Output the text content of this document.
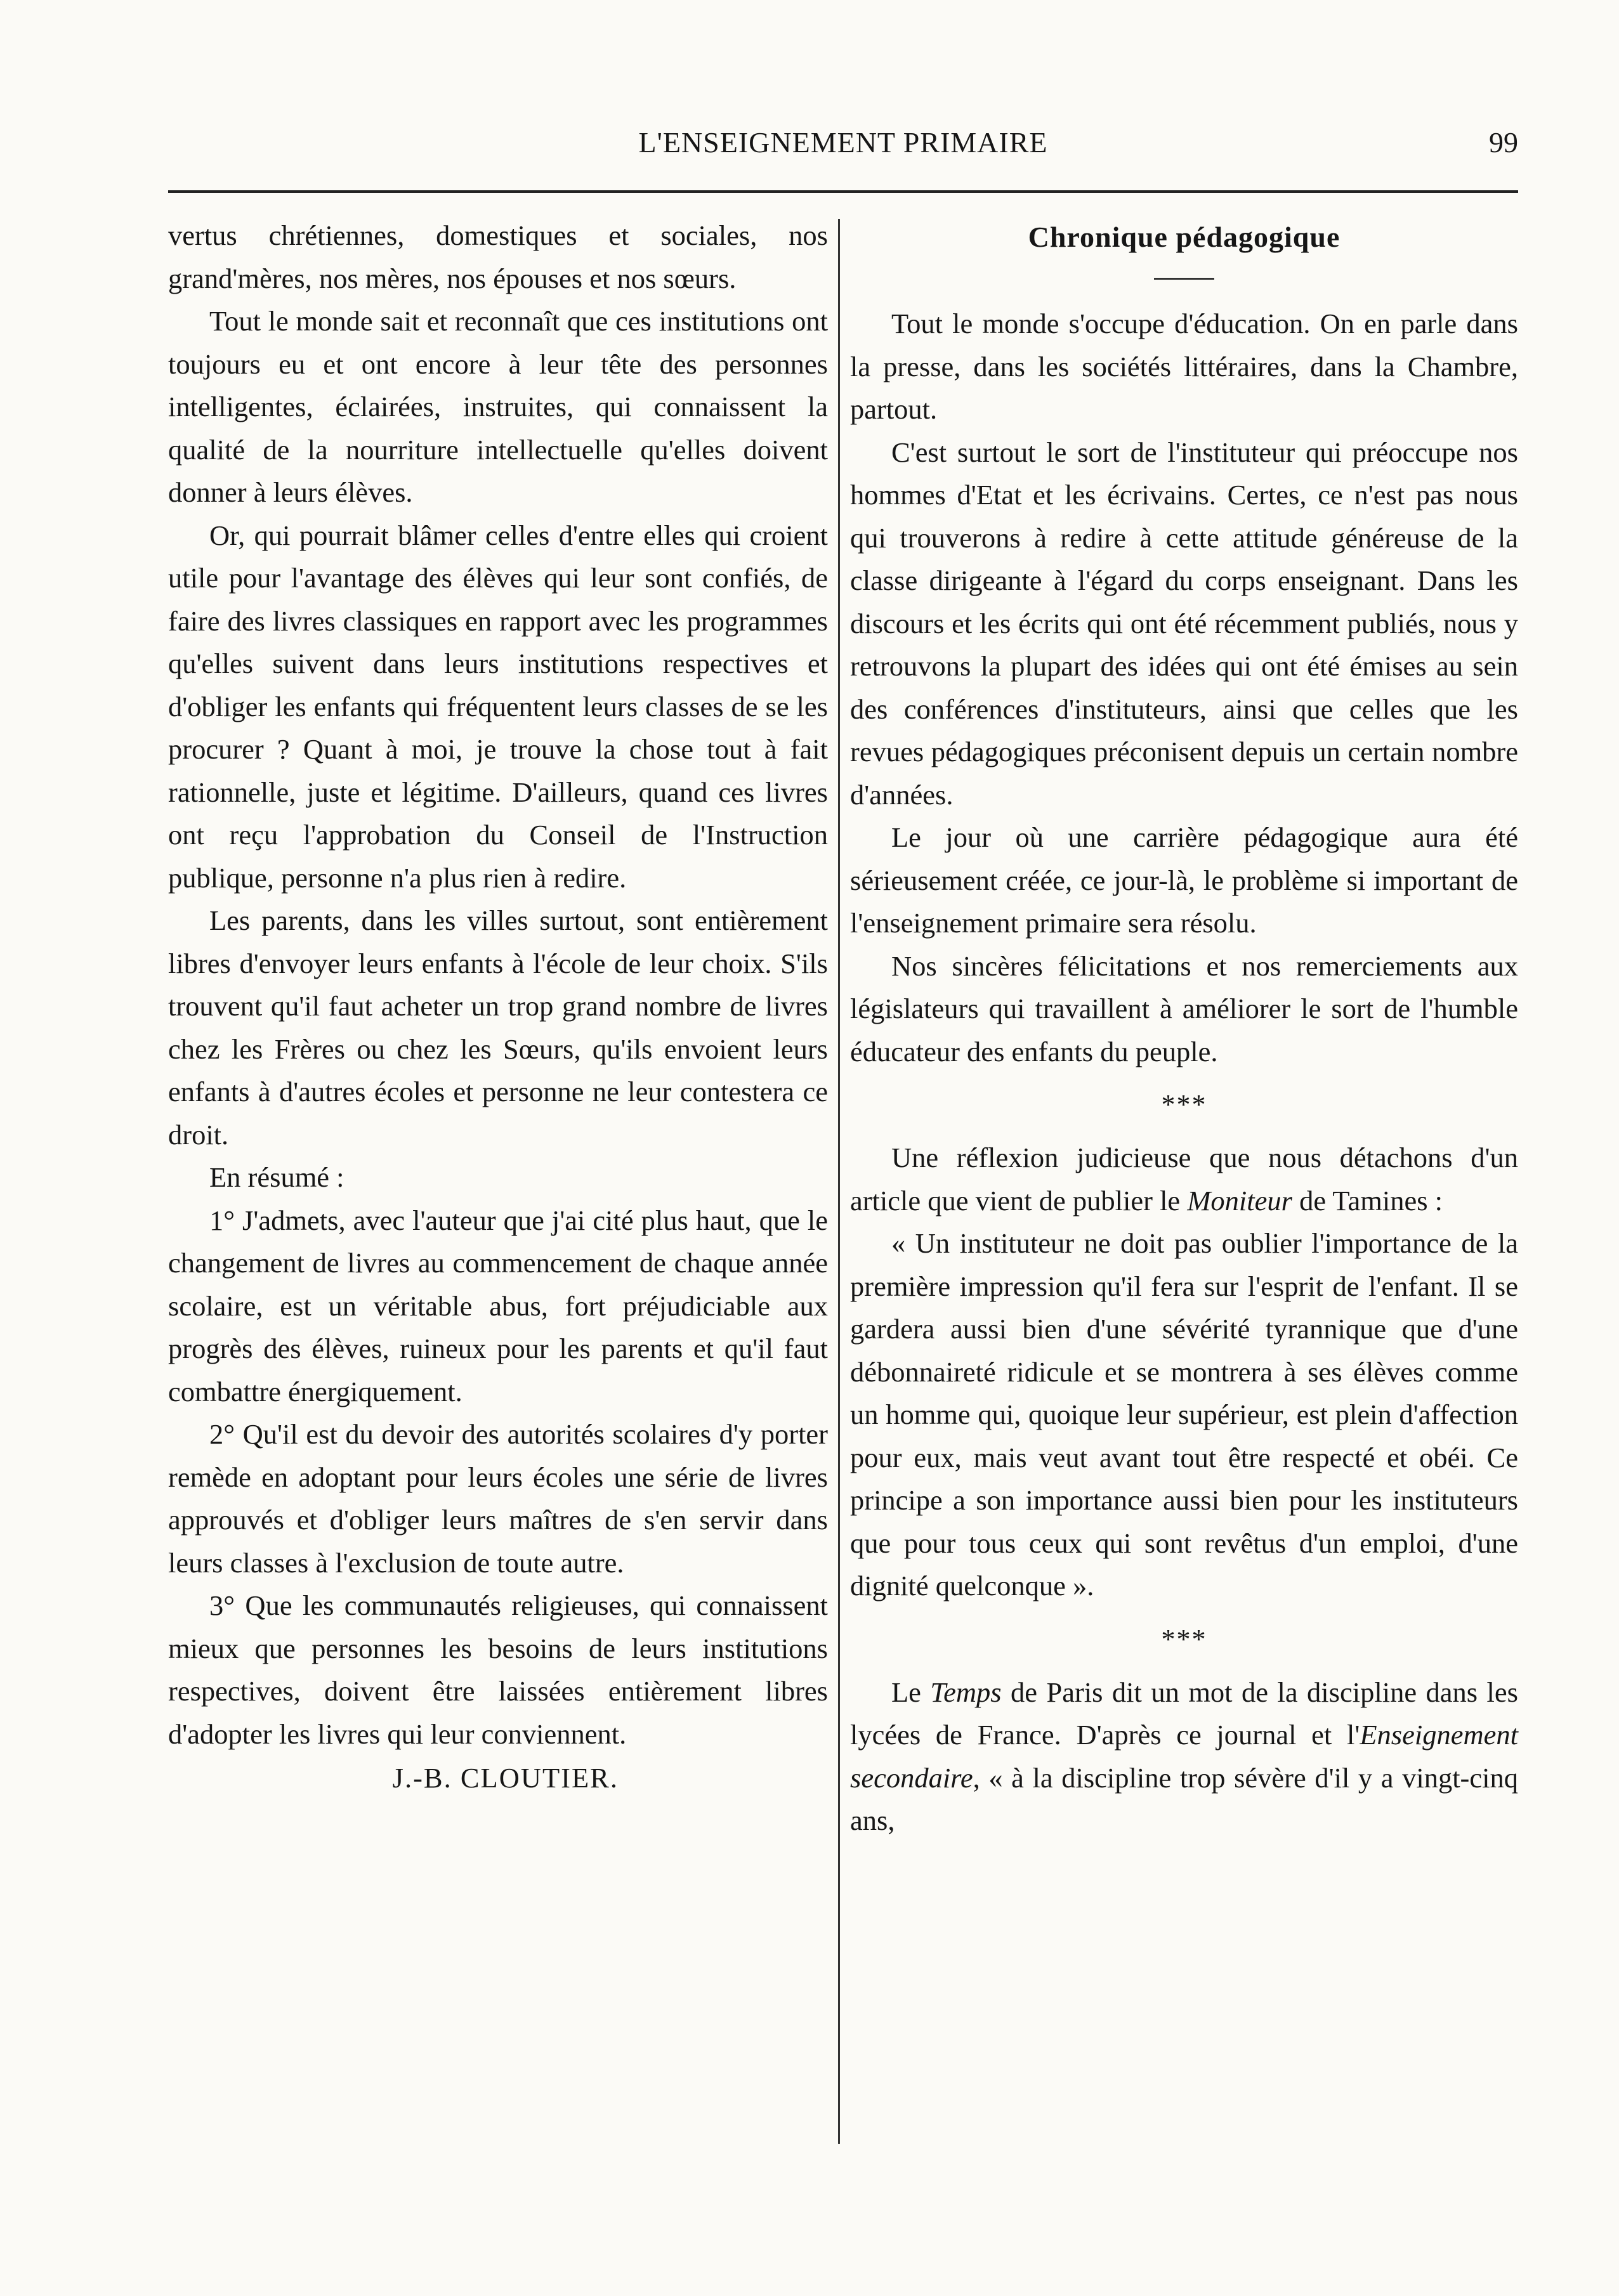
L'ENSEIGNEMENT PRIMAIRE	99

vertus chrétiennes, domestiques et sociales, nos grand'mères, nos mères, nos épouses et nos sœurs.

Tout le monde sait et reconnaît que ces institutions ont toujours eu et ont encore à leur tête des personnes intelligentes, éclairées, instruites, qui connaissent la qualité de la nourriture intellectuelle qu'elles doivent donner à leurs élèves.

Or, qui pourrait blâmer celles d'entre elles qui croient utile pour l'avantage des élèves qui leur sont confiés, de faire des livres classiques en rapport avec les programmes qu'elles suivent dans leurs institutions respectives et d'obliger les enfants qui fréquentent leurs classes de se les procurer ? Quant à moi, je trouve la chose tout à fait rationnelle, juste et légitime. D'ailleurs, quand ces livres ont reçu l'approbation du Conseil de l'Instruction publique, personne n'a plus rien à redire.

Les parents, dans les villes surtout, sont entièrement libres d'envoyer leurs enfants à l'école de leur choix. S'ils trouvent qu'il faut acheter un trop grand nombre de livres chez les Frères ou chez les Sœurs, qu'ils envoient leurs enfants à d'autres écoles et personne ne leur contestera ce droit.

En résumé :

1° J'admets, avec l'auteur que j'ai cité plus haut, que le changement de livres au commencement de chaque année scolaire, est un véritable abus, fort préjudiciable aux progrès des élèves, ruineux pour les parents et qu'il faut combattre énergiquement.

2° Qu'il est du devoir des autorités scolaires d'y porter remède en adoptant pour leurs écoles une série de livres approuvés et d'obliger leurs maîtres de s'en servir dans leurs classes à l'exclusion de toute autre.

3° Que les communautés religieuses, qui connaissent mieux que personnes les besoins de leurs institutions respectives, doivent être laissées entièrement libres d'adopter les livres qui leur conviennent.

J.-B. CLOUTIER.

Chronique pédagogique

Tout le monde s'occupe d'éducation. On en parle dans la presse, dans les sociétés littéraires, dans la Chambre, partout.

C'est surtout le sort de l'instituteur qui préoccupe nos hommes d'Etat et les écrivains. Certes, ce n'est pas nous qui trouverons à redire à cette attitude généreuse de la classe dirigeante à l'égard du corps enseignant. Dans les discours et les écrits qui ont été récemment publiés, nous y retrouvons la plupart des idées qui ont été émises au sein des conférences d'instituteurs, ainsi que celles que les revues pédagogiques préconisent depuis un certain nombre d'années.

Le jour où une carrière pédagogique aura été sérieusement créée, ce jour-là, le problème si important de l'enseignement primaire sera résolu.

Nos sincères félicitations et nos remerciements aux législateurs qui travaillent à améliorer le sort de l'humble éducateur des enfants du peuple.

***

Une réflexion judicieuse que nous détachons d'un article que vient de publier le Moniteur de Tamines :

« Un instituteur ne doit pas oublier l'importance de la première impression qu'il fera sur l'esprit de l'enfant. Il se gardera aussi bien d'une sévérité tyrannique que d'une débonnaireté ridicule et se montrera à ses élèves comme un homme qui, quoique leur supérieur, est plein d'affection pour eux, mais veut avant tout être respecté et obéi. Ce principe a son importance aussi bien pour les instituteurs que pour tous ceux qui sont revêtus d'un emploi, d'une dignité quelconque ».

***

Le Temps de Paris dit un mot de la discipline dans les lycées de France. D'après ce journal et l'Enseignement secondaire, « à la discipline trop sévère d'il y a vingt-cinq ans,
